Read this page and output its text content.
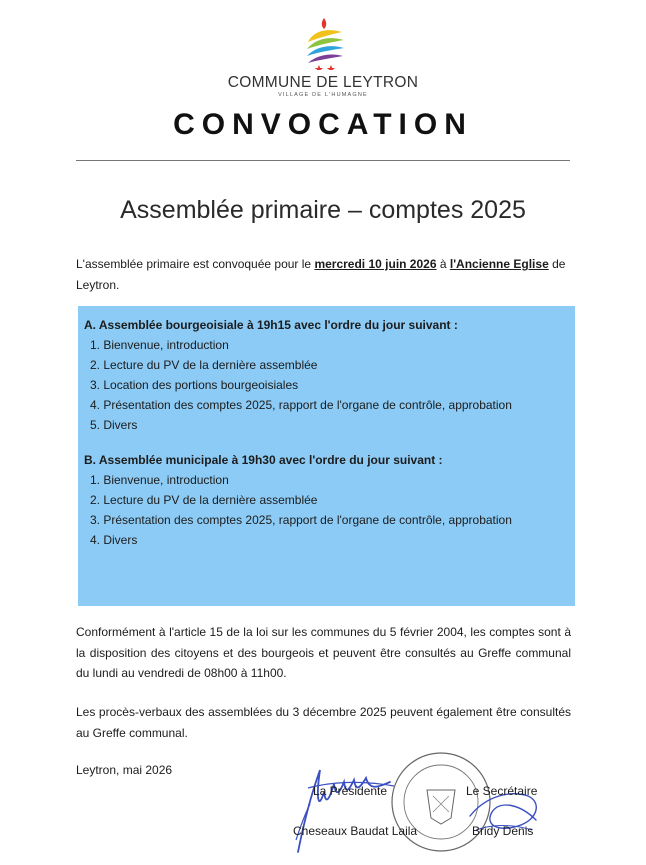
COMMUNE DE LEYTRON
VILLAGE DE L'HUMAGNE
CONVOCATION
Assemblée primaire – comptes 2025
L'assemblée primaire est convoquée pour le mercredi 10 juin 2026 à l'Ancienne Eglise de Leytron.
A. Assemblée bourgeoisiale à 19h15 avec l'ordre du jour suivant :
1. Bienvenue, introduction
2. Lecture du PV de la dernière assemblée
3. Location des portions bourgeoisiales
4. Présentation des comptes 2025, rapport de l'organe de contrôle, approbation
5. Divers
B. Assemblée municipale à 19h30 avec l'ordre du jour suivant :
1. Bienvenue, introduction
2. Lecture du PV de la dernière assemblée
3. Présentation des comptes 2025, rapport de l'organe de contrôle, approbation
4. Divers
Conformément à l'article 15 de la loi sur les communes du 5 février 2004, les comptes sont à la disposition des citoyens et des bourgeois et peuvent être consultés au Greffe communal du lundi au vendredi de 08h00 à 11h00.
Les procès-verbaux des assemblées du 3 décembre 2025 peuvent également être consultés au Greffe communal.
Leytron, mai 2026
La Présidente	Le Secrétaire
Cheseaux Baudat Laila	Bridy Denis
